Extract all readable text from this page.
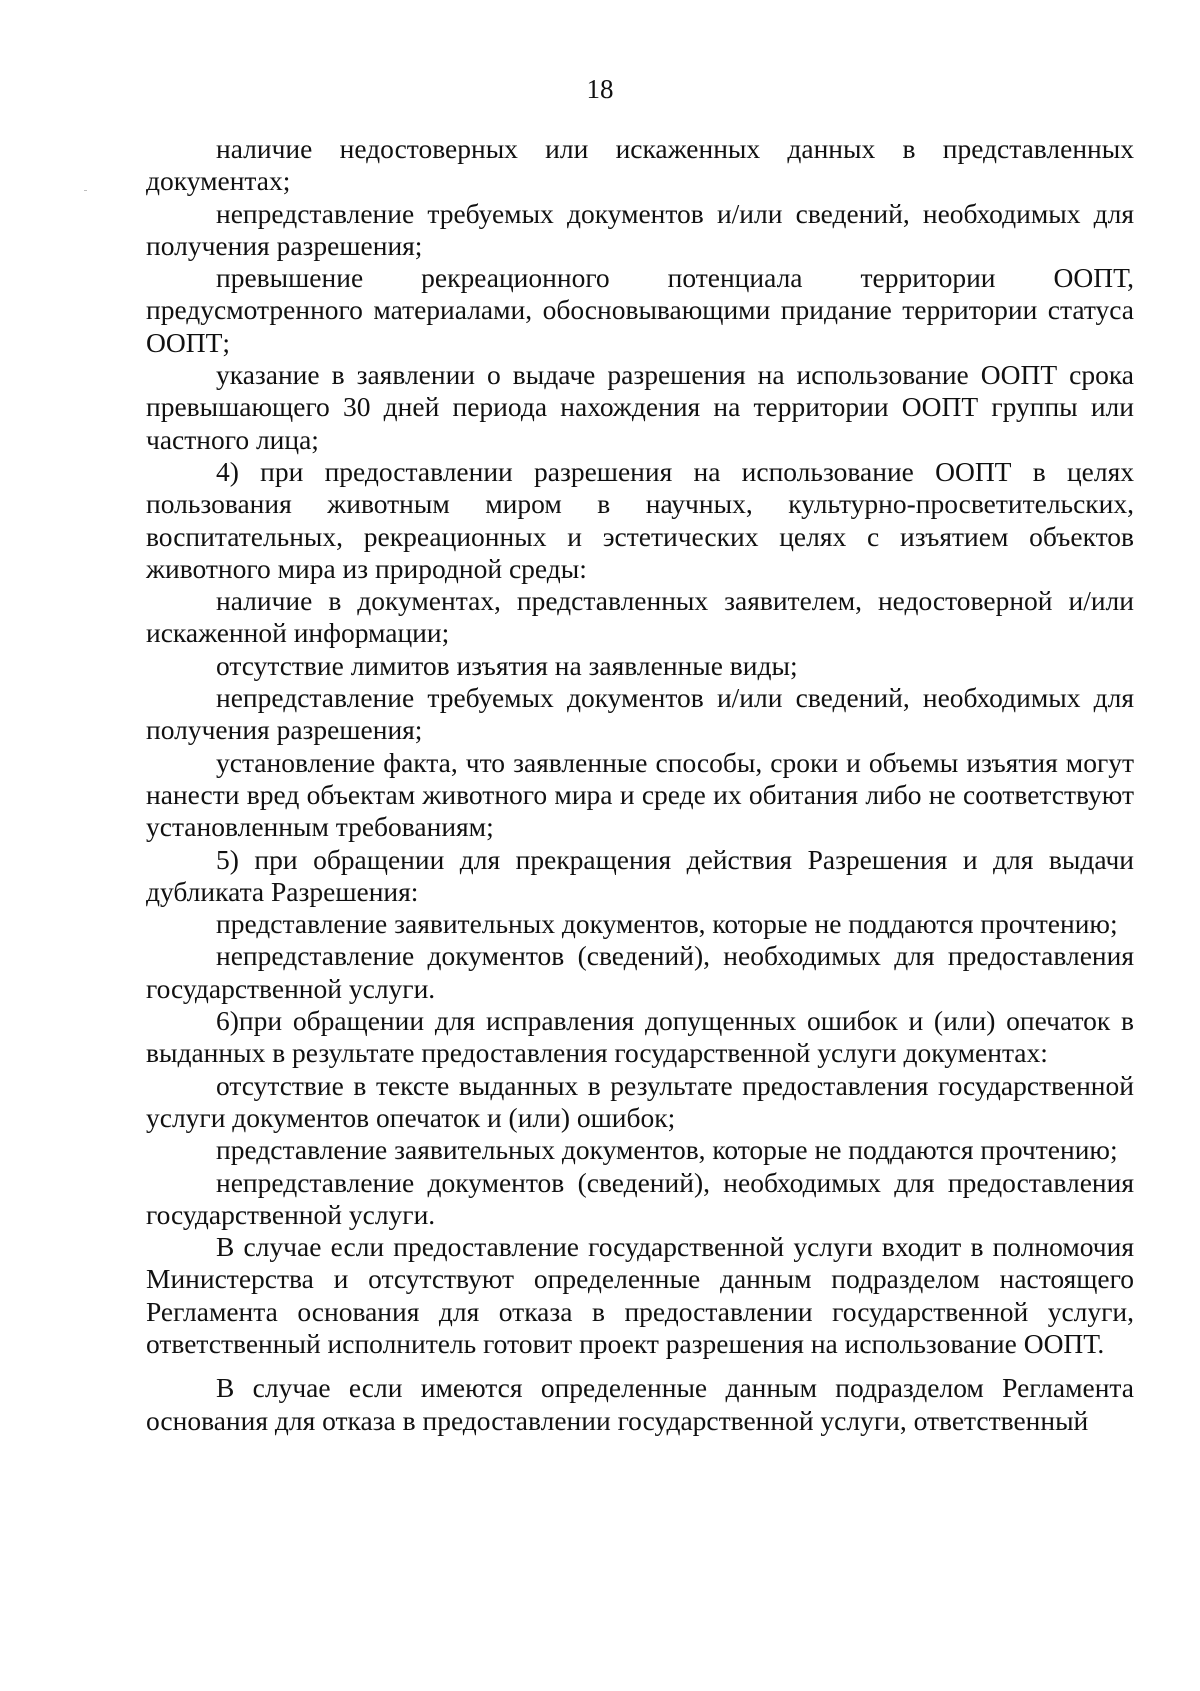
18

наличие недостоверных или искаженных данных в представленных документах;

непредставление требуемых документов и/или сведений, необходимых для получения разрешения;

превышение рекреационного потенциала территории ООПТ, предусмотренного материалами, обосновывающими придание территории статуса ООПТ;

указание в заявлении о выдаче разрешения на использование ООПТ срока превышающего 30 дней периода нахождения на территории ООПТ группы или частного лица;

4) при предоставлении разрешения на использование ООПТ в целях пользования животным миром в научных, культурно-просветительских, воспитательных, рекреационных и эстетических целях с изъятием объектов животного мира из природной среды:

наличие в документах, представленных заявителем, недостоверной и/или искаженной информации;

отсутствие лимитов изъятия на заявленные виды;

непредставление требуемых документов и/или сведений, необходимых для получения разрешения;

установление факта, что заявленные способы, сроки и объемы изъятия могут нанести вред объектам животного мира и среде их обитания либо не соответствуют установленным требованиям;

5) при обращении для прекращения действия Разрешения и для выдачи дубликата Разрешения:

представление заявительных документов, которые не поддаются прочтению;

непредставление документов (сведений), необходимых для предоставления государственной услуги.

6)при обращении для исправления допущенных ошибок и (или) опечаток в выданных в результате предоставления государственной услуги документах:

отсутствие в тексте выданных в результате предоставления государственной услуги документов опечаток и (или) ошибок;

представление заявительных документов, которые не поддаются прочтению;

непредставление документов (сведений), необходимых для предоставления государственной услуги.

В случае если предоставление государственной услуги входит в полномочия Министерства и отсутствуют определенные данным подразделом настоящего Регламента основания для отказа в предоставлении государственной услуги, ответственный исполнитель готовит проект разрешения на использование ООПТ.

В случае если имеются определенные данным подразделом Регламента основания для отказа в предоставлении государственной услуги, ответственный
